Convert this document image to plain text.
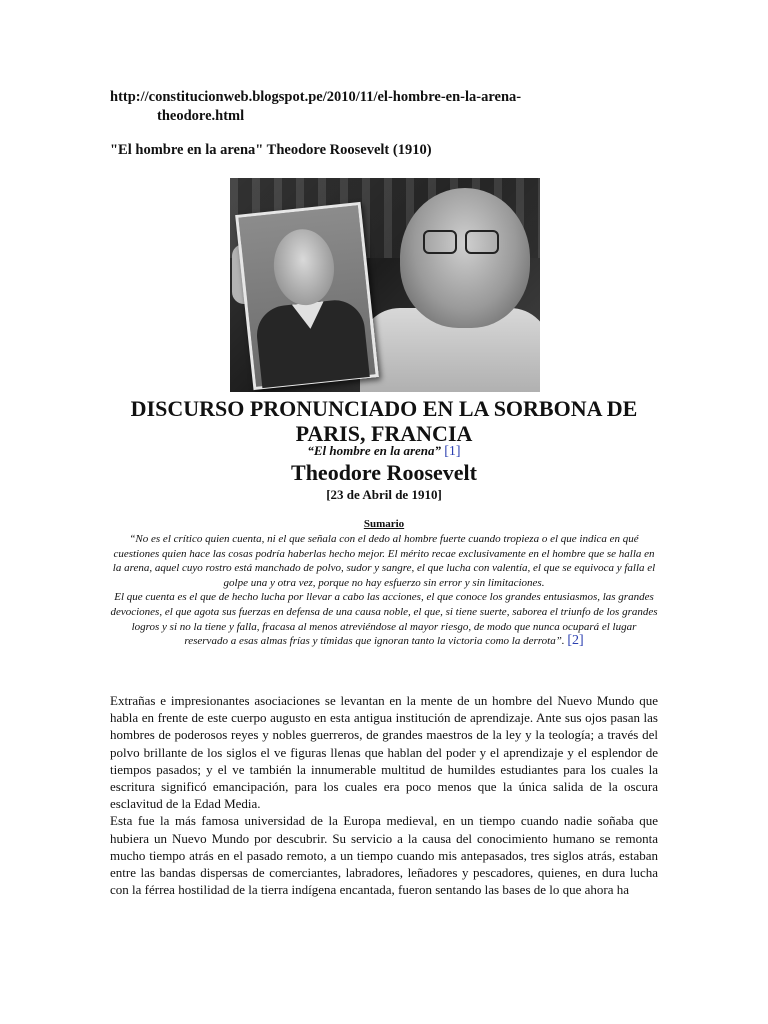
http://constitucionweb.blogspot.pe/2010/11/el-hombre-en-la-arena-
theodore.html
"El hombre en la arena" Theodore Roosevelt (1910)
DISCURSO PRONUNCIADO EN LA SORBONA DE
PARIS, FRANCIA
“El hombre en la arena” [1]
Theodore Roosevelt
[23 de Abril de 1910]
Sumario

“No es el crítico quien cuenta, ni el que señala con el dedo al hombre fuerte cuando tropieza o el que indica en qué cuestiones quien hace las cosas podría haberlas hecho mejor. El mérito recae exclusivamente en el hombre que se halla en la arena, aquel cuyo rostro está manchado de polvo, sudor y sangre, el que lucha con valentía, el que se equivoca y falla el golpe una y otra vez, porque no hay esfuerzo sin error y sin limitaciones.

El que cuenta es el que de hecho lucha por llevar a cabo las acciones, el que conoce los grandes entusiasmos, las grandes devociones, el que agota sus fuerzas en defensa de una causa noble, el que, si tiene suerte, saborea el triunfo de los grandes logros y si no la tiene y falla, fracasa al menos atreviéndose al mayor riesgo, de modo que nunca ocupará el lugar reservado a esas almas frías y tímidas que ignoran tanto la victoria como la derrota”. [2]

Extrañas e impresionantes asociaciones se levantan en la mente de un hombre del Nuevo Mundo que habla en frente de este cuerpo augusto en esta antigua institución de aprendizaje. Ante sus ojos pasan las hombres de poderosos reyes y nobles guerreros, de grandes maestros de la ley y la teología; a través del polvo brillante de los siglos el ve figuras llenas que hablan del poder y el aprendizaje y el esplendor de tiempos pasados; y el ve también la innumerable multitud de humildes estudiantes para los cuales la escritura significó emancipación, para los cuales era poco menos que la única salida de la oscura esclavitud de la Edad Media.

Esta fue la más famosa universidad de la Europa medieval, en un tiempo cuando nadie soñaba que hubiera un Nuevo Mundo por descubrir. Su servicio a la causa del conocimiento humano se remonta mucho tiempo atrás en el pasado remoto, a un tiempo cuando mis antepasados, tres siglos atrás, estaban entre las bandas dispersas de comerciantes, labradores, leñadores y pescadores, quienes, en dura lucha con la férrea hostilidad de la tierra indígena encantada, fueron sentando las bases de lo que ahora ha
